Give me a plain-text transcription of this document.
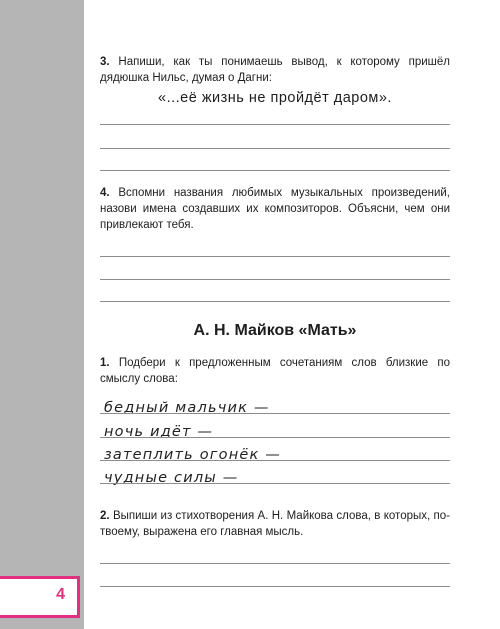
4
3. Напиши, как ты понимаешь вывод, к которому пришёл дядюшка Нильс, думая о Дагни:
«...её жизнь не пройдёт даром».
4. Вспомни названия любимых музыкальных произведений, назови имена создавших их композиторов. Объясни, чем они привлекают тебя.
А. Н. Майков «Мать»
1. Подбери к предложенным сочетаниям слов близкие по смыслу слова:
бедный мальчик —
ночь идёт —
затеплить огонёк —
чудные силы —
2. Выпиши из стихотворения А. Н. Майкова слова, в которых, по-твоему, выражена его главная мысль.
